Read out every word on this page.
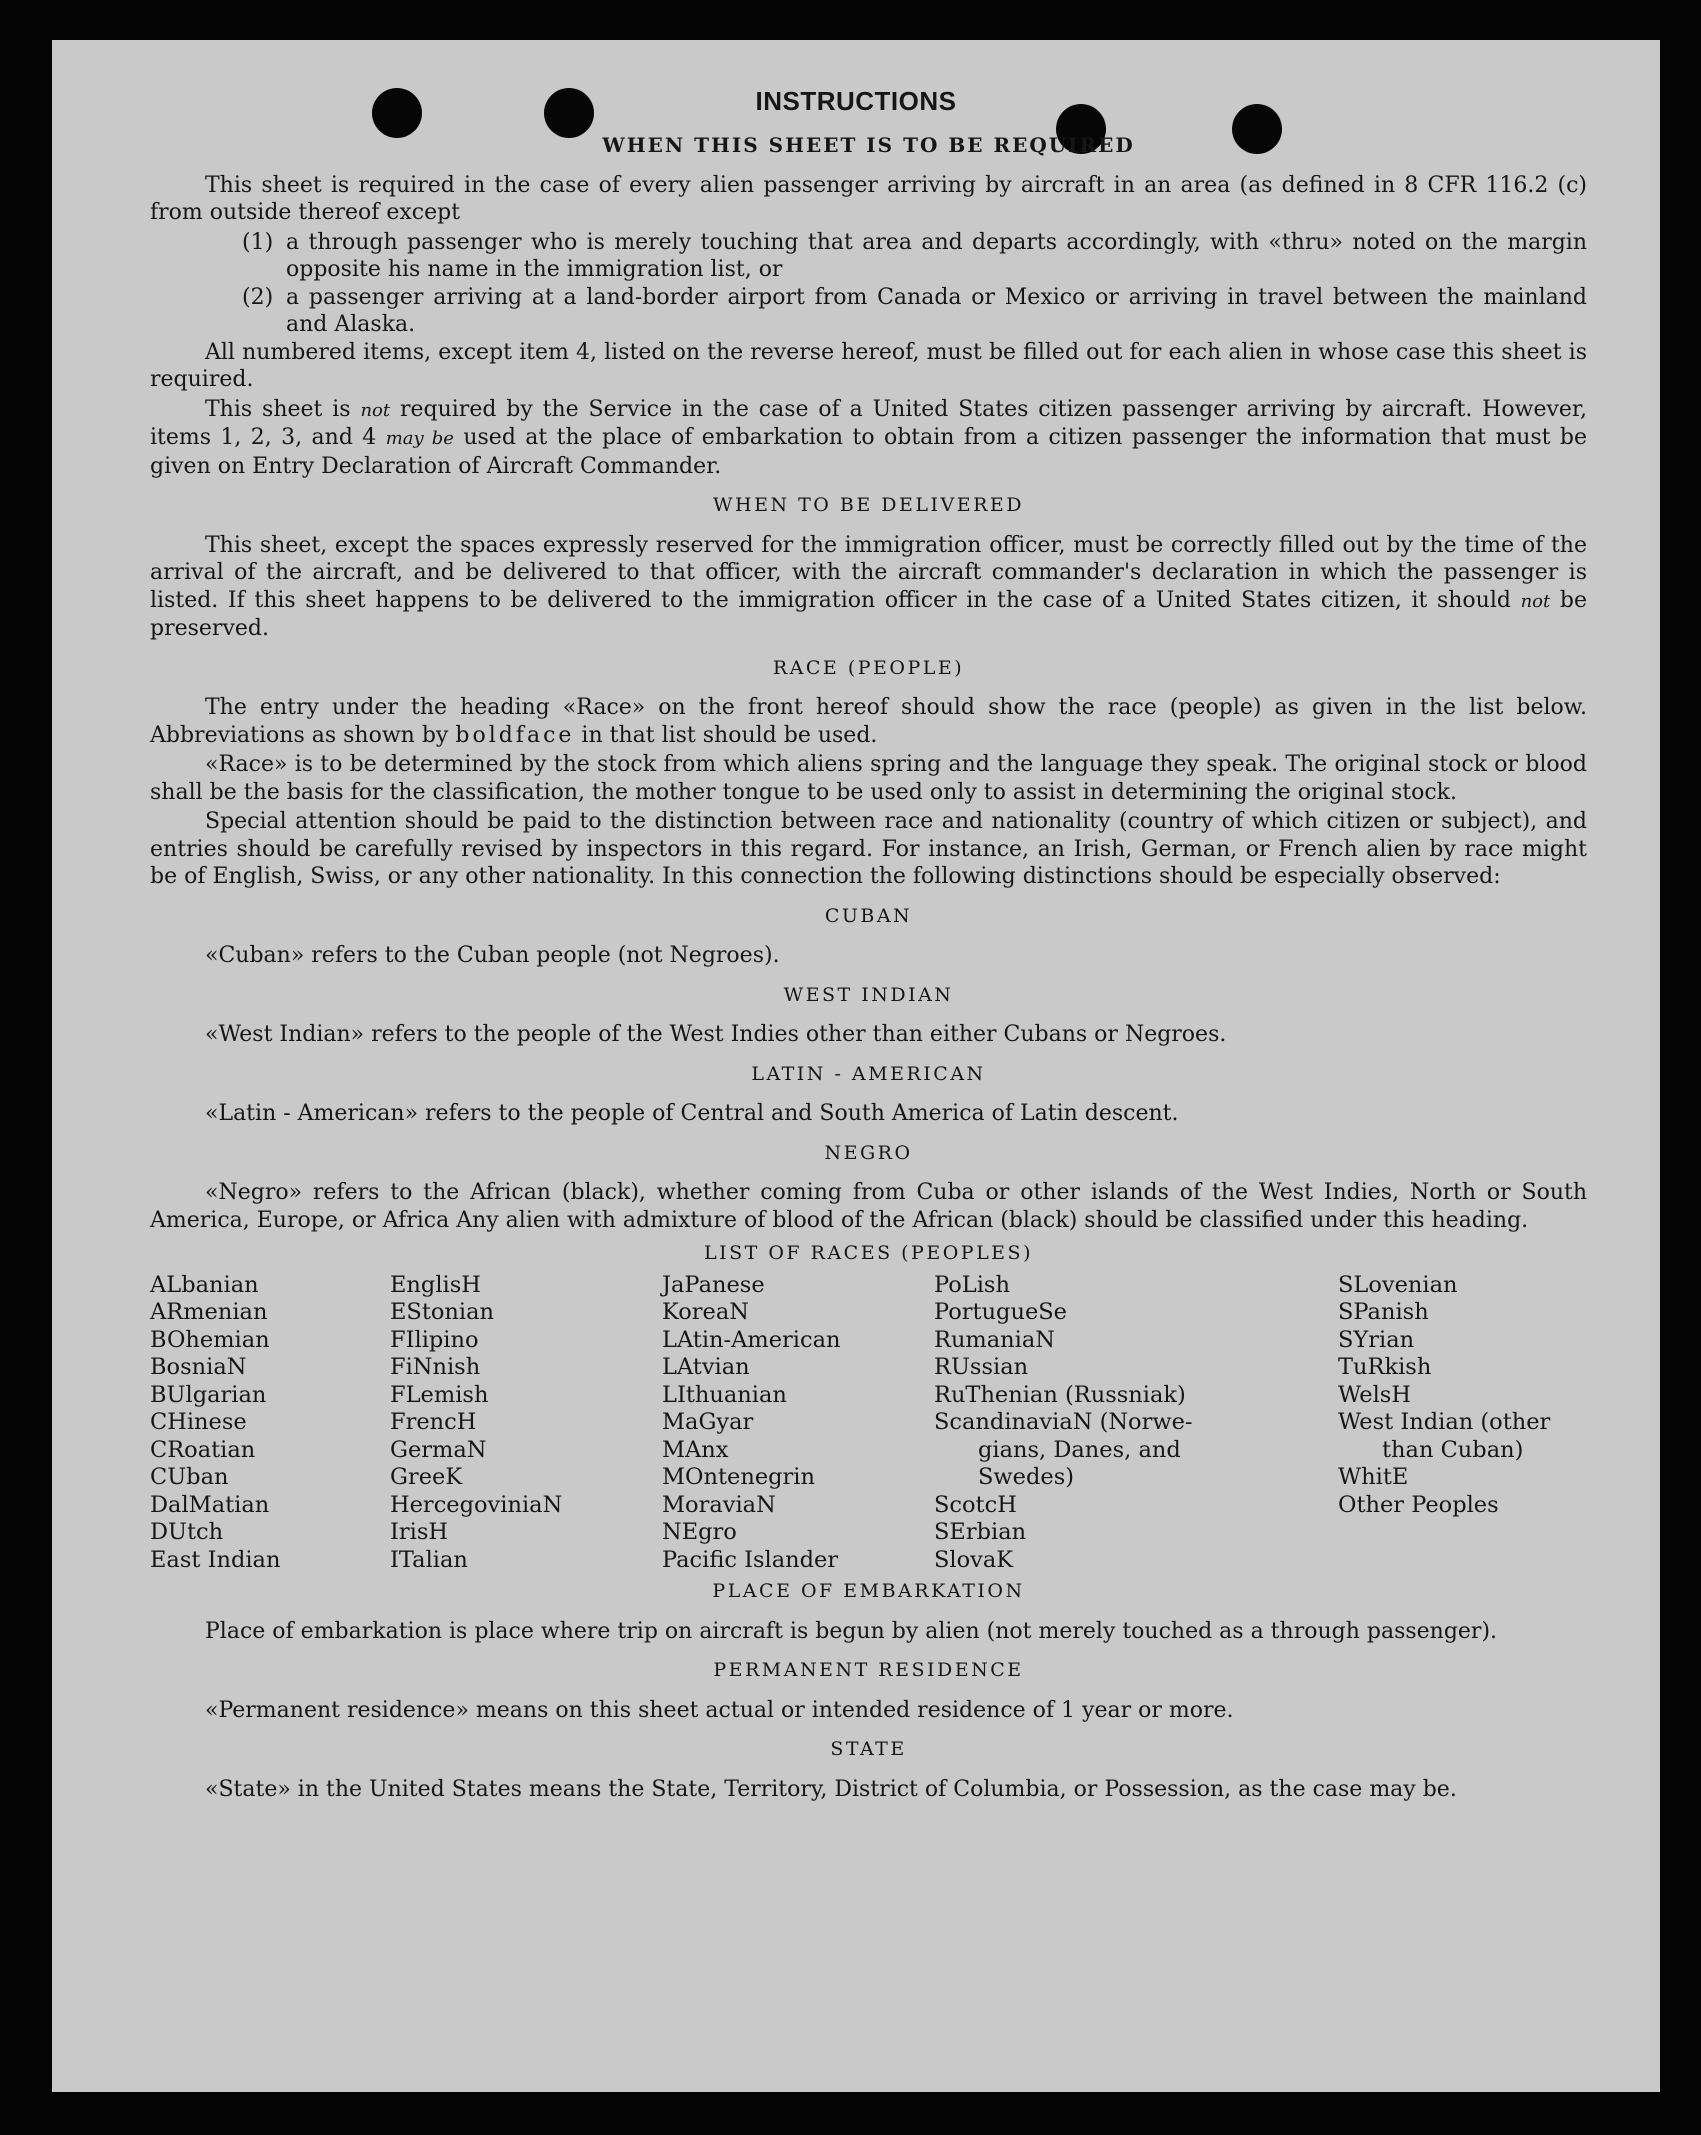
INSTRUCTIONS
WHEN THIS SHEET IS TO BE REQUIRED

This sheet is required in the case of every alien passenger arriving by aircraft in an area (as defined in 8 CFR 116.2 (c) from outside thereof except

(1) a through passenger who is merely touching that area and departs accordingly, with «thru» noted on the margin opposite his name in the immigration list, or
(2) a passenger arriving at a land-border airport from Canada or Mexico or arriving in travel between the mainland and Alaska.

All numbered items, except item 4, listed on the reverse hereof, must be filled out for each alien in whose case this sheet is required.

This sheet is not required by the Service in the case of a United States citizen passenger arriving by aircraft. However, items 1, 2, 3, and 4 may be used at the place of embarkation to obtain from a citizen passenger the information that must be given on Entry Declaration of Aircraft Commander.

WHEN TO BE DELIVERED

This sheet, except the spaces expressly reserved for the immigration officer, must be correctly filled out by the time of the arrival of the aircraft, and be delivered to that officer, with the aircraft commander's declaration in which the passenger is listed. If this sheet happens to be delivered to the immigration officer in the case of a United States citizen, it should not be preserved.

RACE (PEOPLE)

The entry under the heading «Race» on the front hereof should show the race (people) as given in the list below. Abbreviations as shown by boldface in that list should be used.

«Race» is to be determined by the stock from which aliens spring and the language they speak. The original stock or blood shall be the basis for the classification, the mother tongue to be used only to assist in determining the original stock.

Special attention should be paid to the distinction between race and nationality (country of which citizen or subject), and entries should be carefully revised by inspectors in this regard. For instance, an Irish, German, or French alien by race might be of English, Swiss, or any other nationality. In this connection the following distinctions should be especially observed:

CUBAN

«Cuban» refers to the Cuban people (not Negroes).

WEST INDIAN

«West Indian» refers to the people of the West Indies other than either Cubans or Negroes.

LATIN - AMERICAN

«Latin - American» refers to the people of Central and South America of Latin descent.

NEGRO

«Negro» refers to the African (black), whether coming from Cuba or other islands of the West Indies, North or South America, Europe, or Africa Any alien with admixture of blood of the African (black) should be classified under this heading.

LIST OF RACES (PEOPLES)
ALbanian
ARmenian
BOhemian
BosniaN
BUlgarian
CHinese
CRoatian
CUban
DalMatian
DUtch
East Indian
EnglisH
EStonian
FIlipino
FiNnish
FLemish
FrencH
GermaN
GreeK
HercegoviniaN
IrisH
ITalian
JaPanese
KoreaN
LAtin-American
LAtvian
LIthuanian
MaGyar
MAnx
MOntenegrin
MoraviaN
NEgro
Pacific Islander
PoLish
PortugueSe
RumaniaN
RUssian
RuThenian (Russniak)
ScandinaviaN (Norwe-
gians, Danes, and
Swedes)
ScotcH
SErbian
SlovaK
SLovenian
SPanish
SYrian
TuRkish
WelsH
West Indian (other
than Cuban)
WhitE
Other Peoples
PLACE OF EMBARKATION

Place of embarkation is place where trip on aircraft is begun by alien (not merely touched as a through passenger).

PERMANENT RESIDENCE

«Permanent residence» means on this sheet actual or intended residence of 1 year or more.

STATE

«State» in the United States means the State, Territory, District of Columbia, or Possession, as the case may be.
